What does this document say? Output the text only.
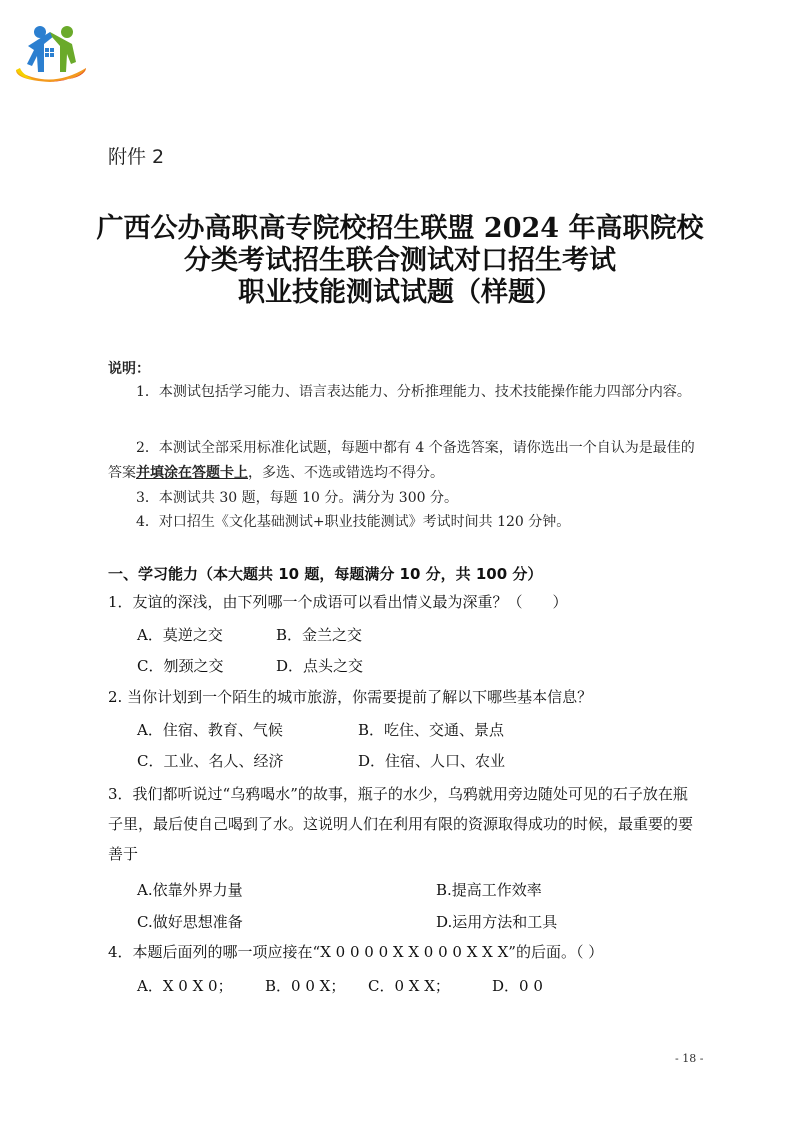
附件 2
广西公办高职高专院校招生联盟 2024 年高职院校
分类考试招生联合测试对口招生考试
职业技能测试试题（样题）
说明：
1．本测试包括学习能力、语言表达能力、分析推理能力、技术技能操作能力四部分内容。
2．本测试全部采用标准化试题，每题中都有 4 个备选答案，请你选出一个自认为是最佳的答案并填涂在答题卡上，多选、不选或错选均不得分。
3．本测试共 30 题，每题 10 分。满分为 300 分。
4．对口招生《文化基础测试+职业技能测试》考试时间共 120 分钟。
一、学习能力（本大题共 10 题，每题满分 10 分，共 100 分）
1．友谊的深浅，由下列哪一个成语可以看出情义最为深重？（　　）
A．莫逆之交	B．金兰之交
C．刎颈之交	D．点头之交
2. 当你计划到一个陌生的城市旅游，你需要提前了解以下哪些基本信息？
A．住宿、教育、气候	B．吃住、交通、景点
C．工业、名人、经济	D．住宿、人口、农业
3．我们都听说过“乌鸦喝水”的故事，瓶子的水少，乌鸦就用旁边随处可见的石子放在瓶子里，最后使自己喝到了水。这说明人们在利用有限的资源取得成功的时候，最重要的要善于
A.依靠外界力量	B.提高工作效率
C.做好思想准备	D.运用方法和工具
4．本题后面列的哪一项应接在“X 0 0 0 0 X X 0 0 0 X X X”的后面。（ ）
A．X 0 X 0； B．0 0 X； C．0 X X；	D．0 0
- 18 -
